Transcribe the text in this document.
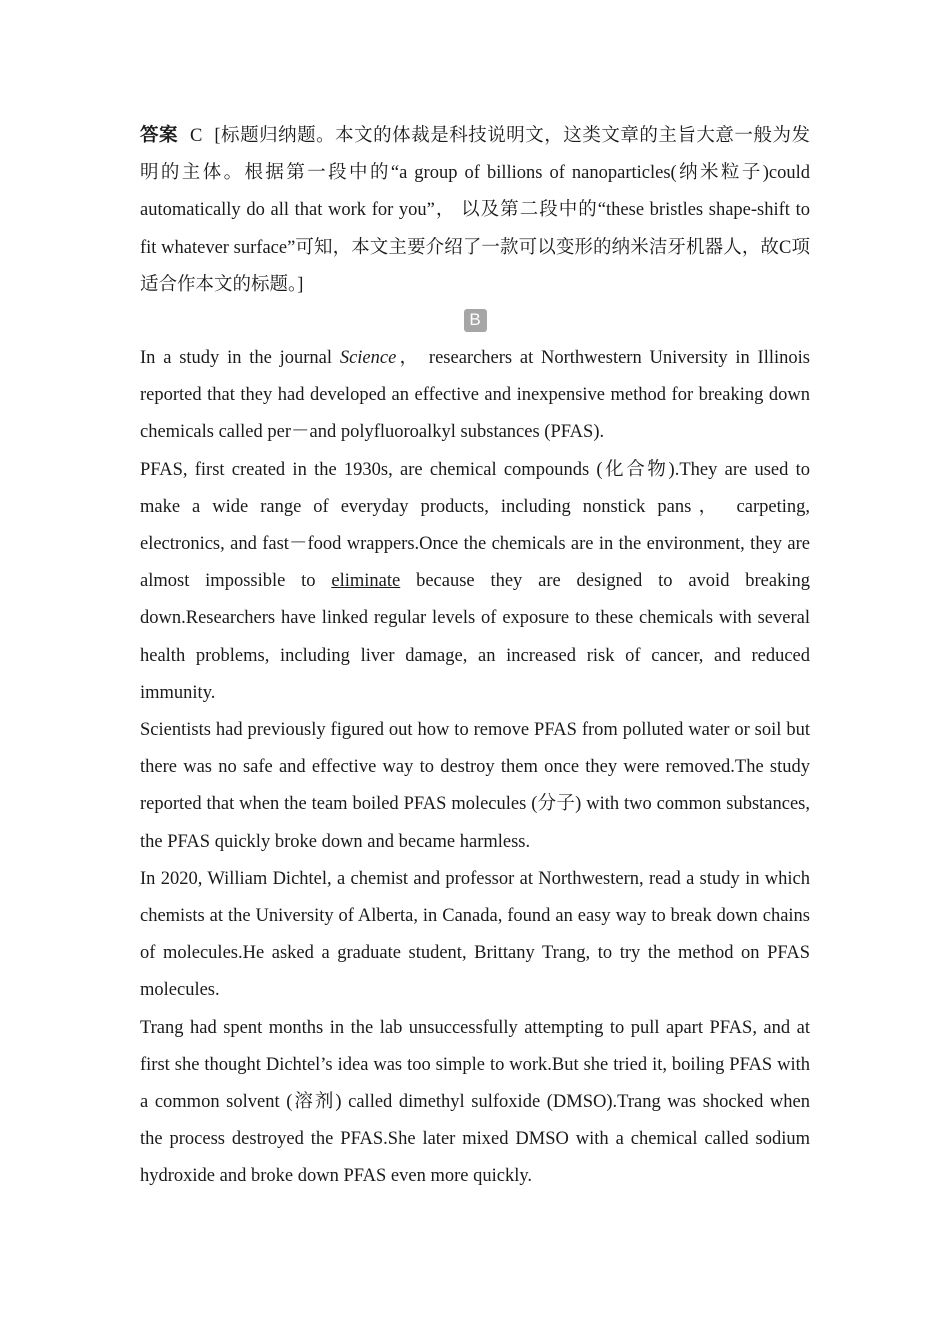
答案 C [标题归纳题。本文的体裁是科技说明文，这类文章的主旨大意一般为发明的主体。根据第一段中的“a group of billions of nanoparticles(纳米粒子)could automatically do all that work for you”， 以及第二段中的“these bristles shape-shift to fit whatever surface”可知，本文主要介绍了一款可以变形的纳米洁牙机器人，故C项适合作本文的标题。]

B

In a study in the journal Science， researchers at Northwestern University in Illinois reported that they had developed an effective and inexpensive method for breaking down chemicals called per－and polyfluoroalkyl substances (PFAS).

PFAS, first created in the 1930s, are chemical compounds (化合物).They are used to make a wide range of everyday products, including nonstick pans， carpeting, electronics, and fast－food wrappers.Once the chemicals are in the environment, they are almost impossible to eliminate because they are designed to avoid breaking down.Researchers have linked regular levels of exposure to these chemicals with several health problems, including liver damage, an increased risk of cancer, and reduced immunity.

Scientists had previously figured out how to remove PFAS from polluted water or soil but there was no safe and effective way to destroy them once they were removed.The study reported that when the team boiled PFAS molecules (分子) with two common substances, the PFAS quickly broke down and became harmless.

In 2020, William Dichtel, a chemist and professor at Northwestern, read a study in which chemists at the University of Alberta, in Canada, found an easy way to break down chains of molecules.He asked a graduate student, Brittany Trang, to try the method on PFAS molecules.

Trang had spent months in the lab unsuccessfully attempting to pull apart PFAS, and at first she thought Dichtel’s idea was too simple to work.But she tried it, boiling PFAS with a common solvent (溶剂) called dimethyl sulfoxide (DMSO).Trang was shocked when the process destroyed the PFAS.She later mixed DMSO with a chemical called sodium hydroxide and broke down PFAS even more quickly.
